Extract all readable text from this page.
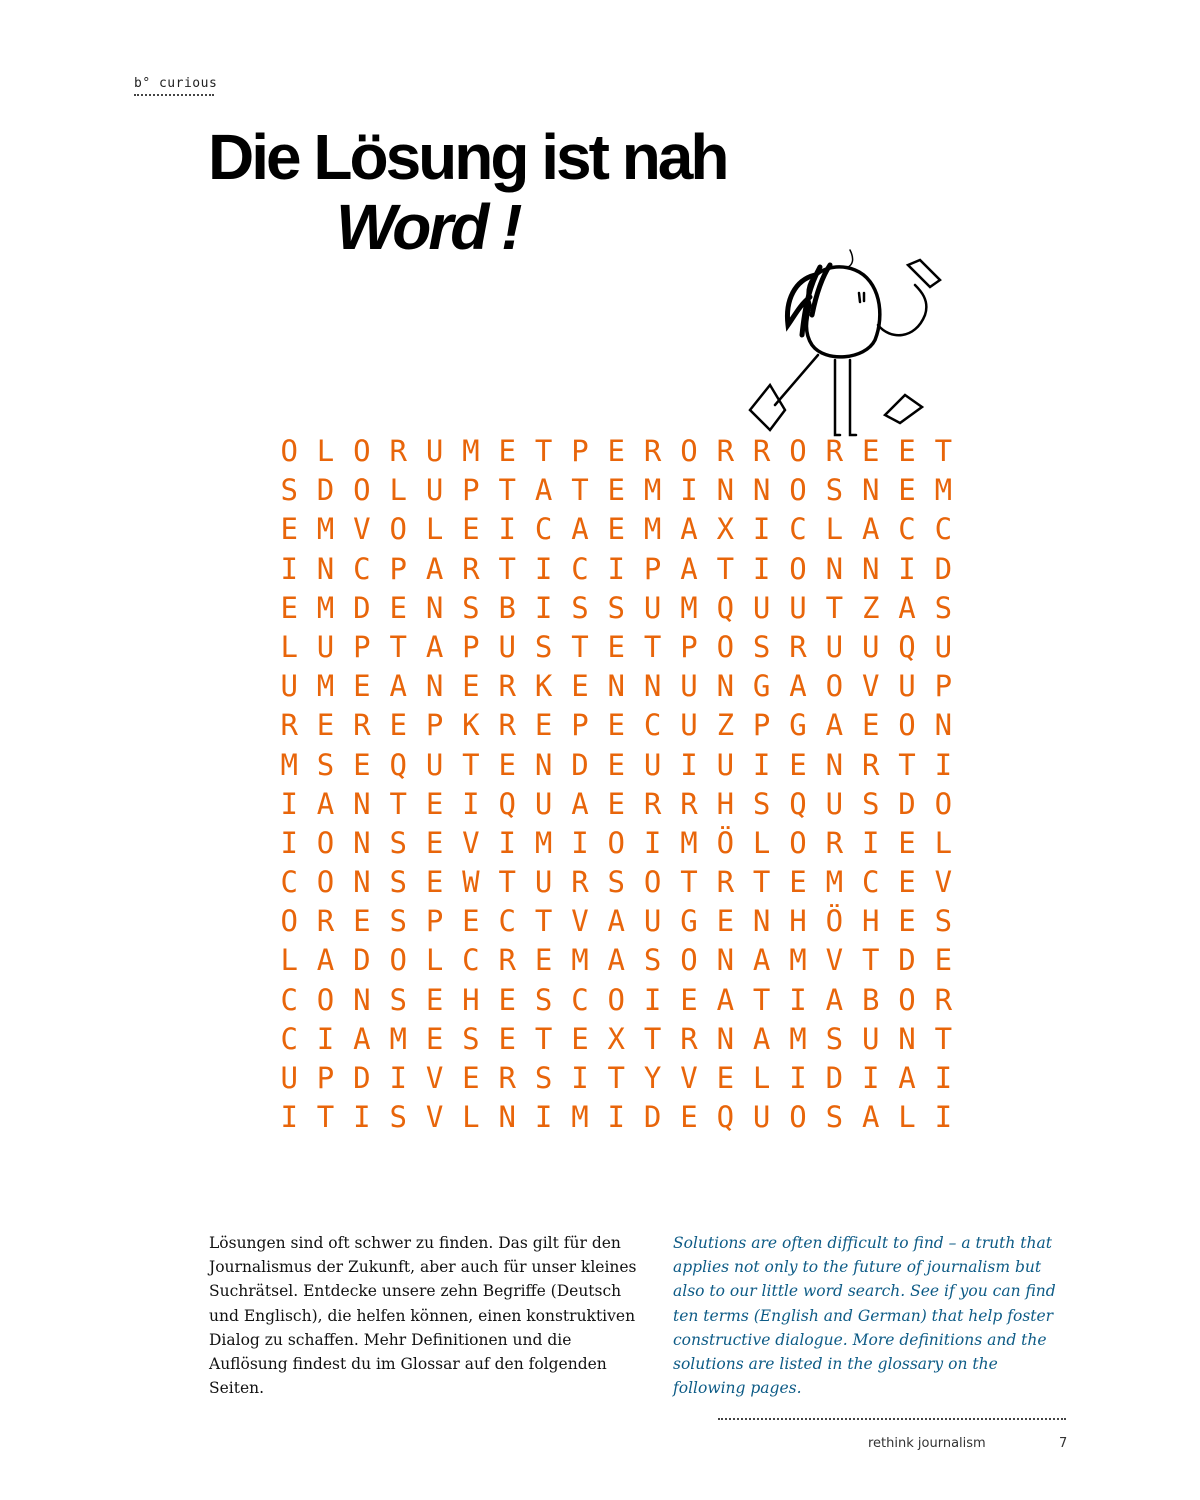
b° curious
Die Lösung ist nah
Word !
O L O R U M E T P E R O R R O R E E T
S D O L U P T A T E M I N N O S N E M
E M V O L E I C A E M A X I C L A C C
I N C P A R T I C I P A T I O N N I D
E M D E N S B I S S U M Q U U T Z A S
L U P T A P U S T E T P O S R U U Q U
U M E A N E R K E N N U N G A O V U P
R E R E P K R E P E C U Z P G A E O N
M S E Q U T E N D E U I U I E N R T I
I A N T E I Q U A E R R H S Q U S D O
I O N S E V I M I O I M Ö L O R I E L
C O N S E W T U R S O T R T E M C E V
O R E S P E C T V A U G E N H Ö H E S
L A D O L C R E M A S O N A M V T D E
C O N S E H E S C O I E A T I A B O R
C I A M E S E T E X T R N A M S U N T
U P D I V E R S I T Y V E L I D I A I
I T I S V L N I M I D E Q U O S A L I
Lösungen sind oft schwer zu finden. Das gilt für den Journalismus der Zukunft, aber auch für unser kleines Suchrätsel. Entdecke unsere zehn Begriffe (Deutsch und Englisch), die helfen können, einen konstruktiven Dialog zu schaffen. Mehr Definitionen und die Auflösung findest du im Glossar auf den folgenden Seiten.
Solutions are often difficult to find – a truth that applies not only to the future of journalism but also to our little word search. See if you can find ten terms (English and German) that help foster constructive dialogue. More definitions and the solutions are listed in the glossary on the following pages.
rethink journalism	7
